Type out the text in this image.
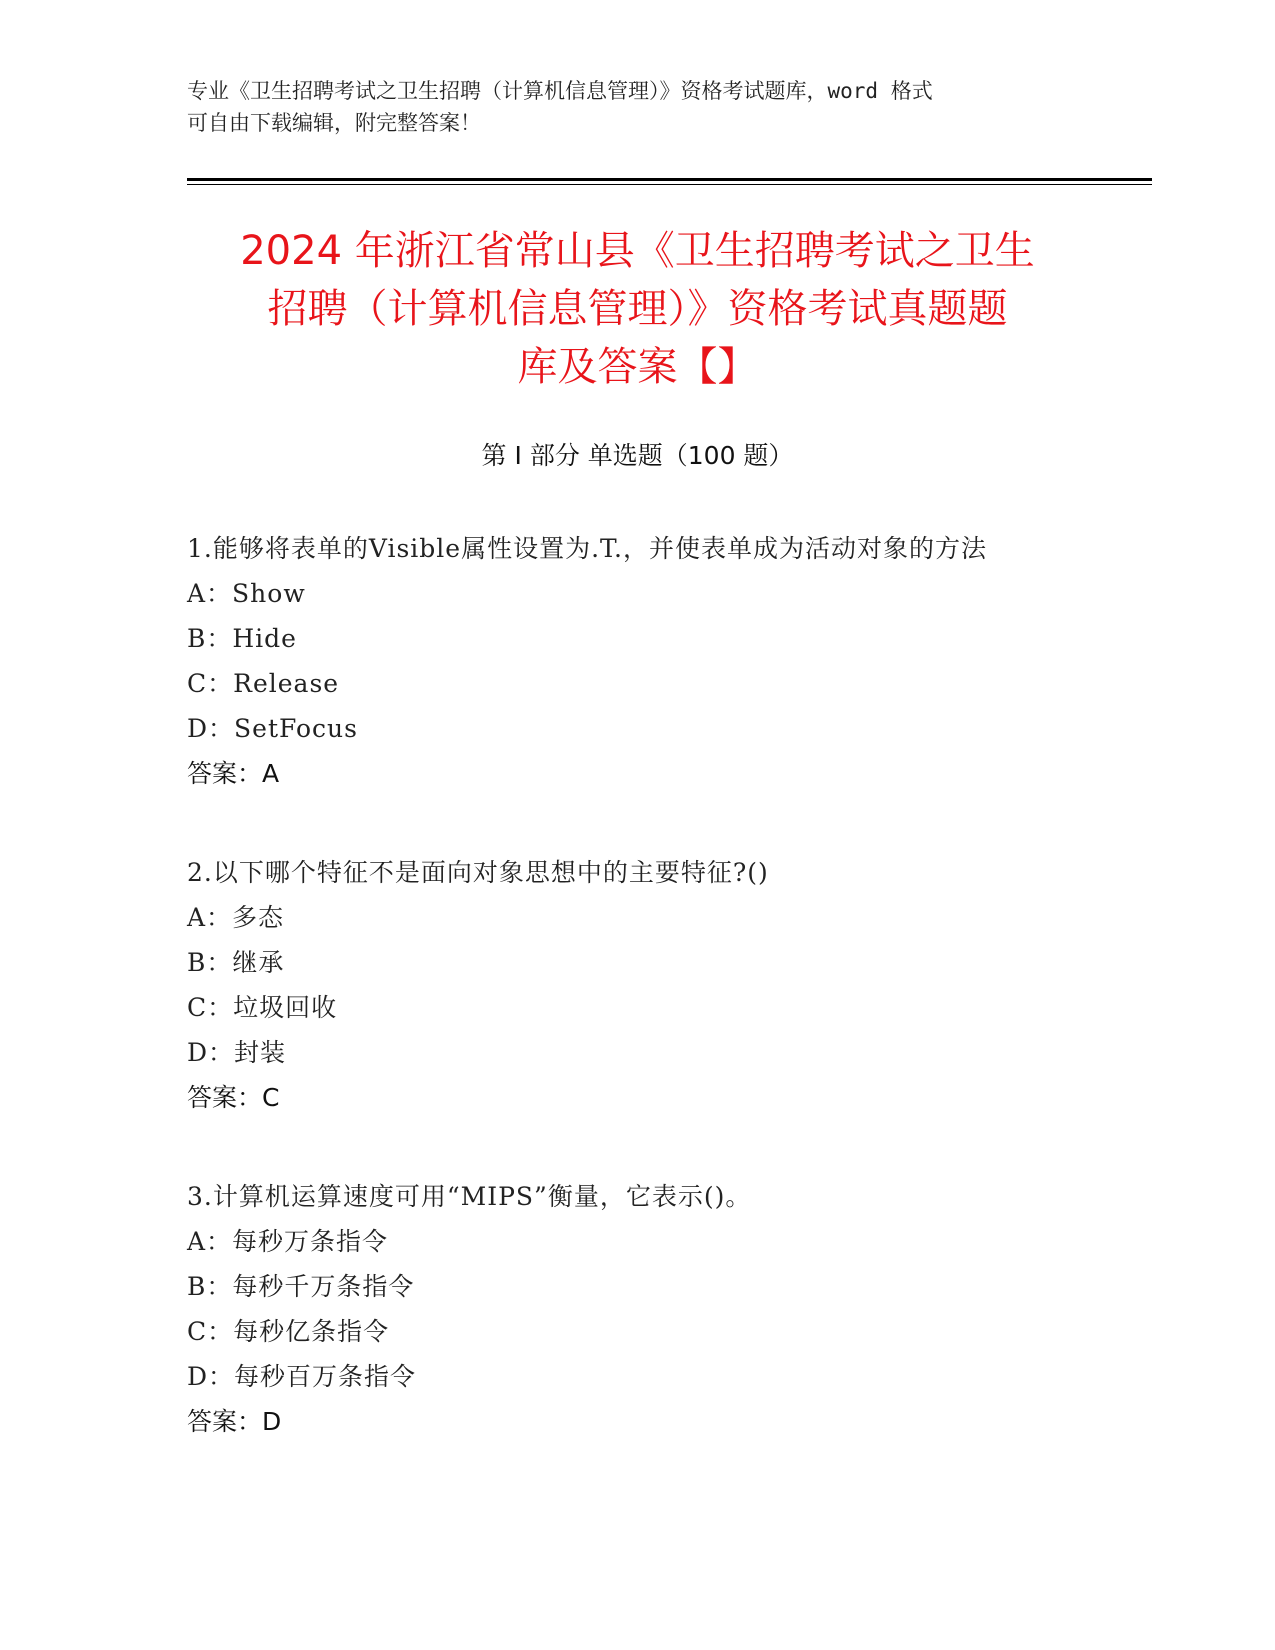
专业《卫生招聘考试之卫生招聘（计算机信息管理）》资格考试题库，word 格式
可自由下载编辑，附完整答案！
2024 年浙江省常山县《卫生招聘考试之卫生
招聘（计算机信息管理）》资格考试真题题
库及答案【】
第 I 部分 单选题（100 题）
1.能够将表单的Visible属性设置为.T.，并使表单成为活动对象的方法
A：Show
B：Hide
C：Release
D：SetFocus
答案：A
2.以下哪个特征不是面向对象思想中的主要特征?()
A：多态
B：继承
C：垃圾回收
D：封装
答案：C
3.计算机运算速度可用“MIPS”衡量，它表示()。
A：每秒万条指令
B：每秒千万条指令
C：每秒亿条指令
D：每秒百万条指令
答案：D
